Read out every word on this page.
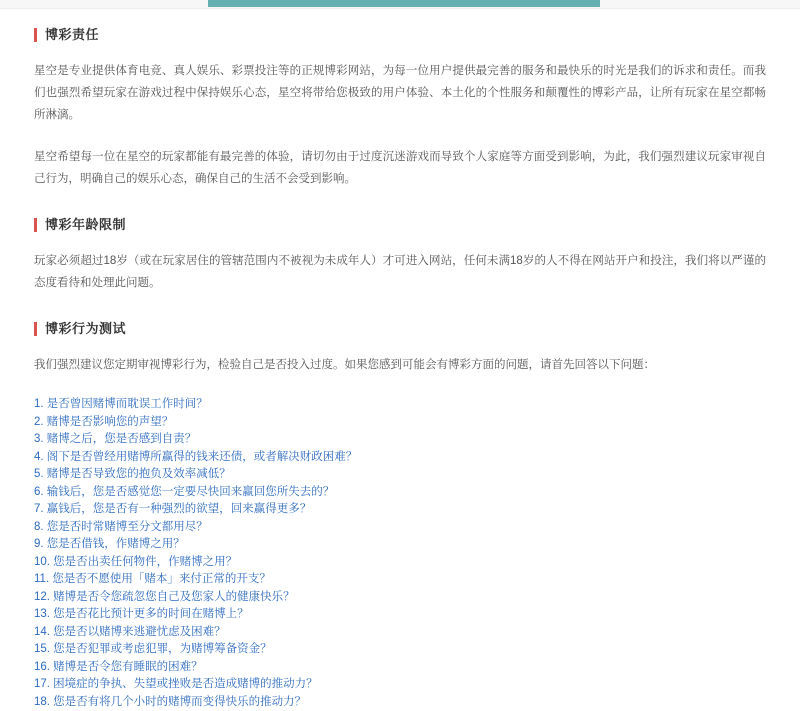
博彩责任

星空是专业提供体育电竞、真人娱乐、彩票投注等的正规博彩网站，为每一位用户提供最完善的服务和最快乐的时光是我们的诉求和责任。而我们也强烈希望玩家在游戏过程中保持娱乐心态，星空将带给您极致的用户体验、本土化的个性服务和颠覆性的博彩产品，让所有玩家在星空都畅所淋漓。

星空希望每一位在星空的玩家都能有最完善的体验，请切勿由于过度沉迷游戏而导致个人家庭等方面受到影响，为此，我们强烈建议玩家审视自己行为，明确自己的娱乐心态，确保自己的生活不会受到影响。

博彩年龄限制

玩家必须超过18岁（或在玩家居住的管辖范围内不被视为未成年人）才可进入网站，任何未满18岁的人不得在网站开户和投注，我们将以严谨的态度看待和处理此问题。

博彩行为测试

我们强烈建议您定期审视博彩行为，检验自己是否投入过度。如果您感到可能会有博彩方面的问题，请首先回答以下问题：

1. 是否曾因赌博而耽误工作时间？
2. 赌博是否影响您的声望？
3. 赌博之后，您是否感到自责？
4. 阁下是否曾经用赌博所赢得的钱来还债，或者解决财政困难？
5. 赌博是否导致您的抱负及效率减低？
6. 输钱后，您是否感觉您一定要尽快回来赢回您所失去的？
7. 赢钱后，您是否有一种强烈的欲望，回来赢得更多？
8. 您是否时常赌博至分文都用尽？
9. 您是否借钱，作赌博之用？
10. 您是否出卖任何物件，作赌博之用？
11. 您是否不愿使用「赌本」来付正常的开支？
12. 赌博是否令您疏忽您自己及您家人的健康快乐？
13. 您是否花比预计更多的时间在赌博上？
14. 您是否以赌博来逃避忧虑及困难？
15. 您是否犯罪或考虑犯罪，为赌博筹备资金？
16. 赌博是否令您有睡眠的困难？
17. 困境症的争执、失望或挫败是否造成赌博的推动力？
18. 您是否有将几个小时的赌博而变得快乐的推动力？
